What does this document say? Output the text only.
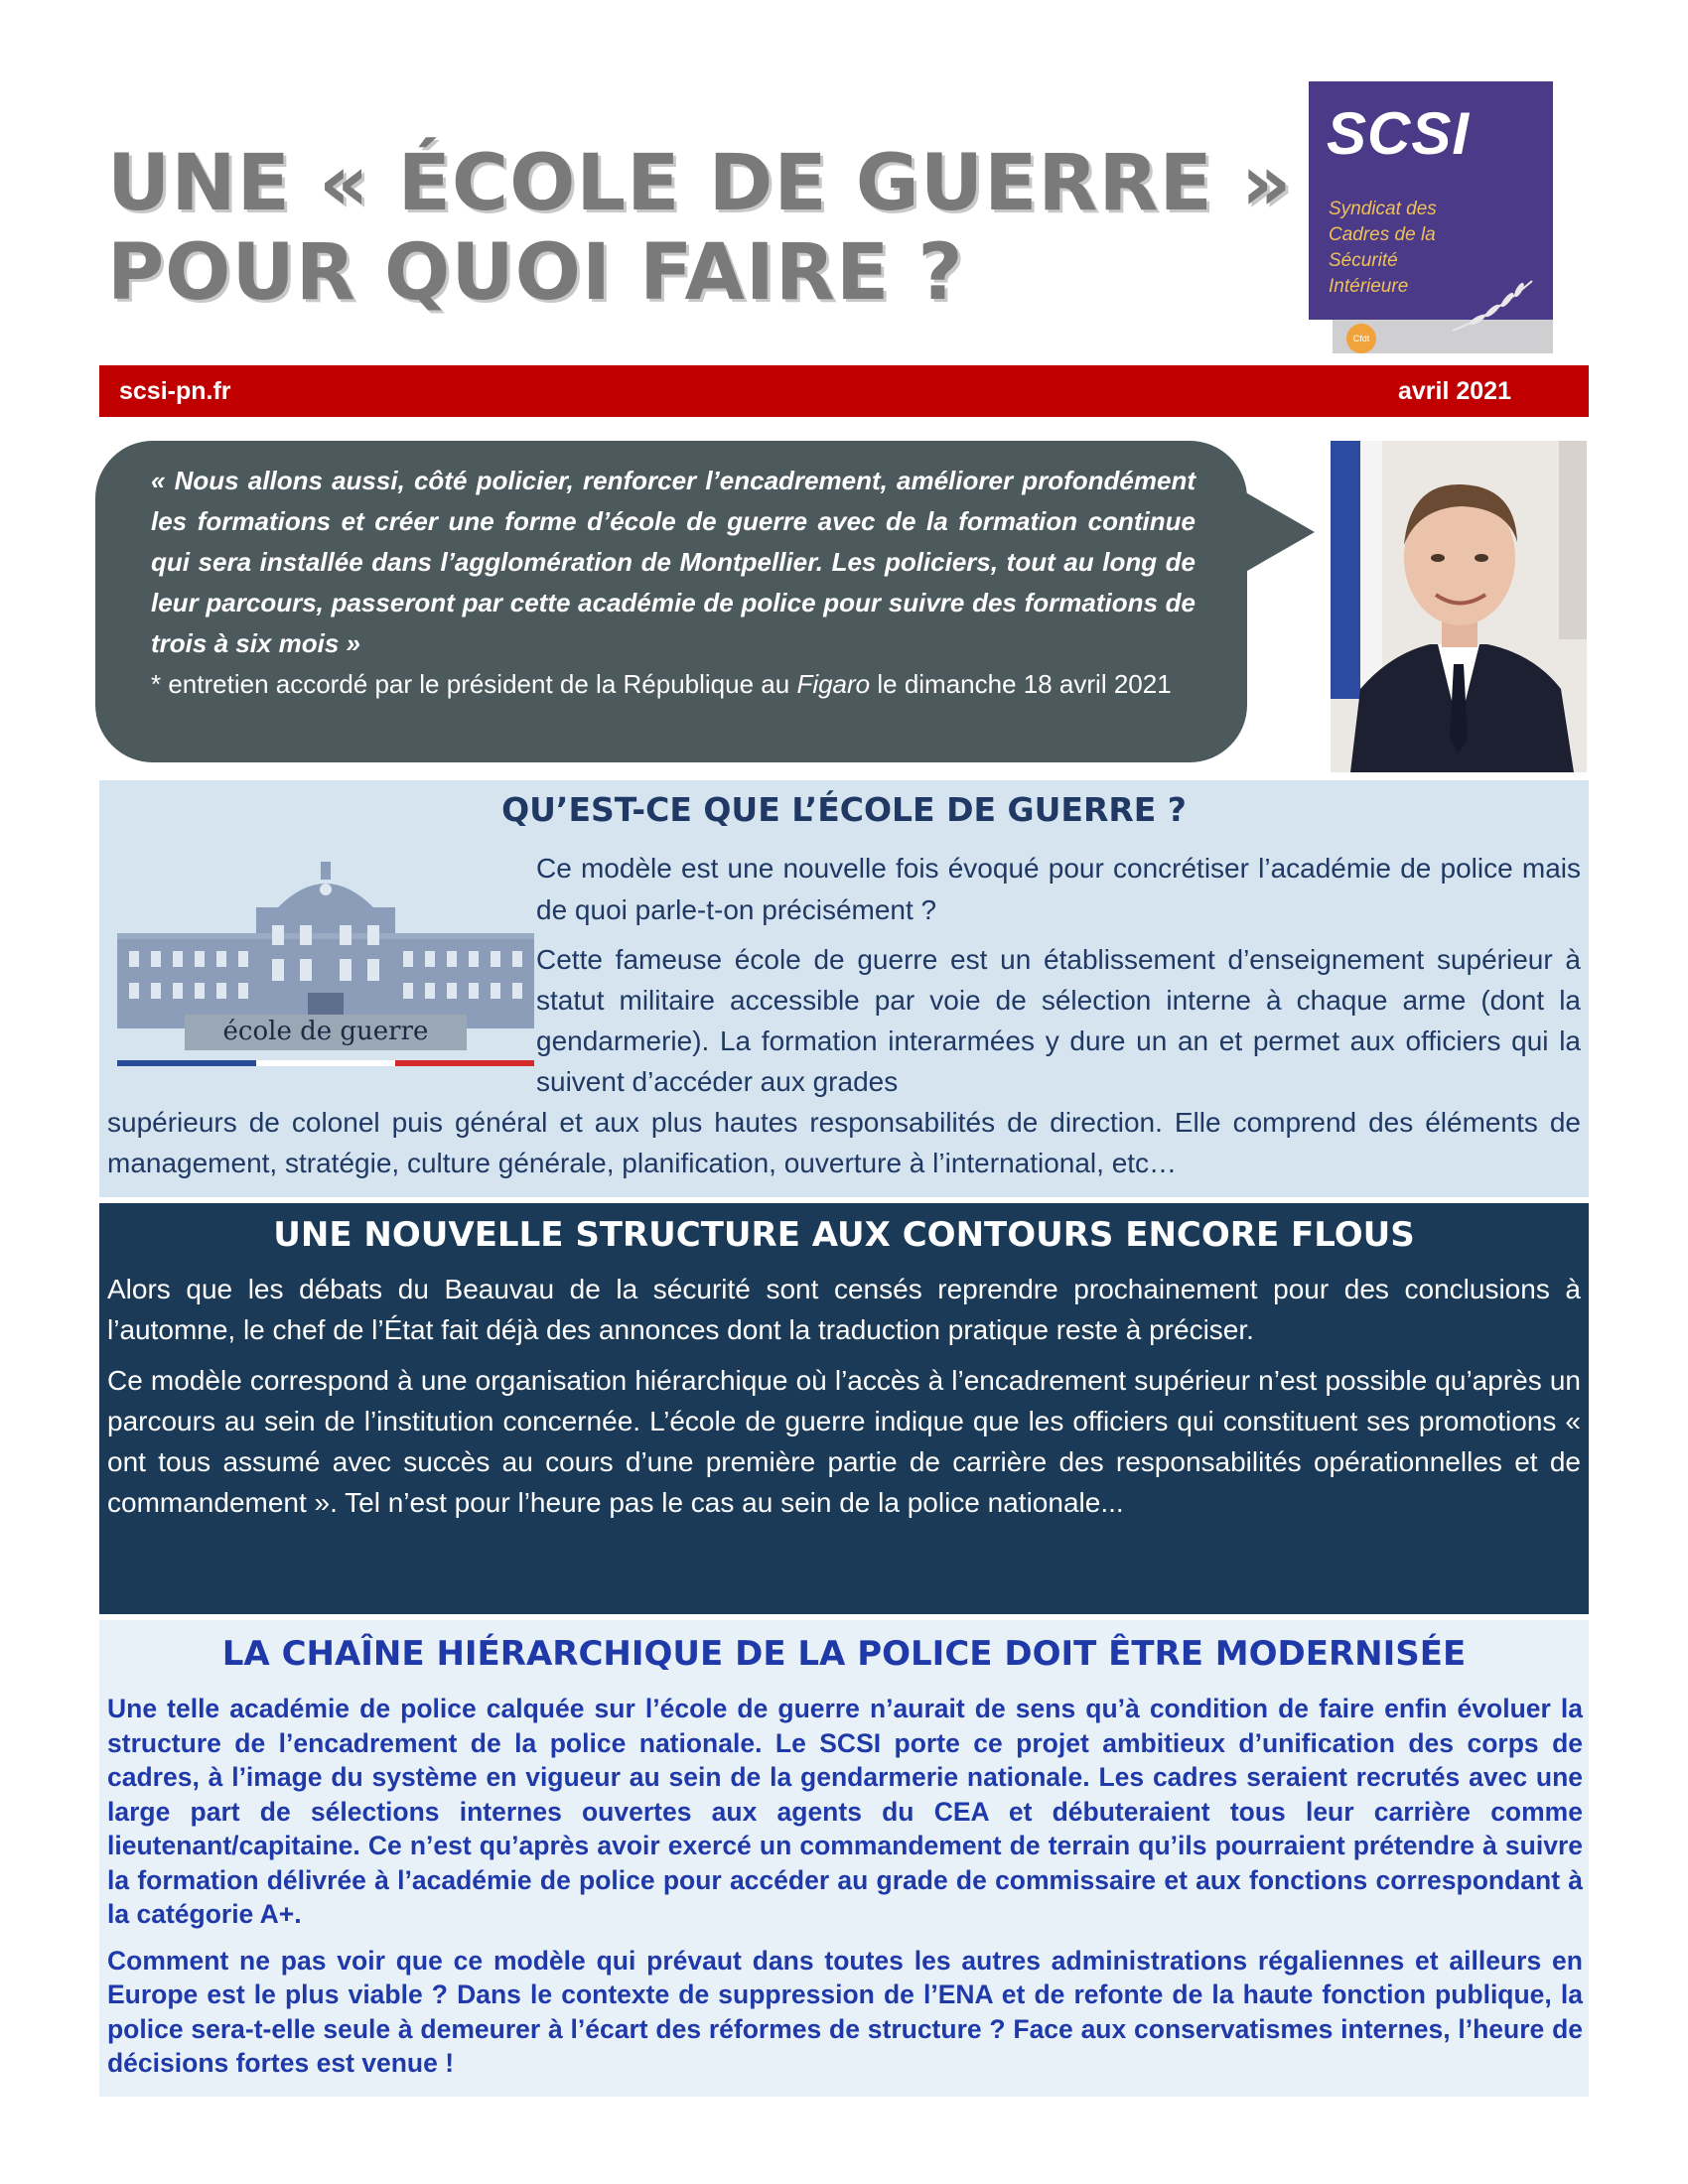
UNE « ÉCOLE DE GUERRE »
POUR QUOI FAIRE ?
SCSI
Syndicat des
Cadres de la
Sécurité
Intérieure
Cfdt
scsi-pn.fr	avril 2021

« Nous allons aussi, côté policier, renforcer l’encadrement, améliorer profondément les formations et créer une forme d’école de guerre avec de la formation continue qui sera installée dans l’agglomération de Montpellier. Les policiers, tout au long de leur parcours, passeront par cette académie de police pour suivre des formations de trois à six mois »

* entretien accordé par le président de la République au Figaro le dimanche 18 avril 2021

QU’EST-CE QUE L’ÉCOLE DE GUERRE ?
école de guerre

Ce modèle est une nouvelle fois évoqué pour concrétiser l’académie de police mais de quoi parle-t-on précisément ?

Cette fameuse école de guerre est un établissement d’enseignement supérieur à statut militaire accessible par voie de sélection interne à chaque arme (dont la gendarmerie). La formation interarmées y dure un an et permet aux officiers qui la suivent d’accéder aux grades

supérieurs de colonel puis général et aux plus hautes responsabilités de direction. Elle comprend des éléments de management, stratégie, culture générale, planification, ouverture à l’international, etc…

UNE NOUVELLE STRUCTURE AUX CONTOURS ENCORE FLOUS

Alors que les débats du Beauvau de la sécurité sont censés reprendre prochainement pour des conclusions à l’automne, le chef de l’État fait déjà des annonces dont la traduction pratique reste à préciser.

Ce modèle correspond à une organisation hiérarchique où l’accès à l’encadrement supérieur n’est possible qu’après un parcours au sein de l’institution concernée. L’école de guerre indique que les officiers qui constituent ses promotions « ont tous assumé avec succès au cours d’une première partie de carrière des responsabilités opérationnelles et de commandement ». Tel n’est pour l’heure pas le cas au sein de la police nationale...

LA CHAÎNE HIÉRARCHIQUE DE LA POLICE DOIT ÊTRE MODERNISÉE

Une telle académie de police calquée sur l’école de guerre n’aurait de sens qu’à condition de faire enfin évoluer la structure de l’encadrement de la police nationale. Le SCSI porte ce projet ambitieux d’unification des corps de cadres, à l’image du système en vigueur au sein de la gendarmerie nationale. Les cadres seraient recrutés avec une large part de sélections internes ouvertes aux agents du CEA et débuteraient tous leur carrière comme lieutenant/capitaine. Ce n’est qu’après avoir exercé un commandement de terrain qu’ils pourraient prétendre à suivre la formation délivrée à l’académie de police pour accéder au grade de commissaire et aux fonctions correspondant à la catégorie A+.

Comment ne pas voir que ce modèle qui prévaut dans toutes les autres administrations régaliennes et ailleurs en Europe est le plus viable ? Dans le contexte de suppression de l’ENA et de refonte de la haute fonction publique, la police sera-t-elle seule à demeurer à l’écart des réformes de structure ? Face aux conservatismes internes, l’heure de décisions fortes est venue !
